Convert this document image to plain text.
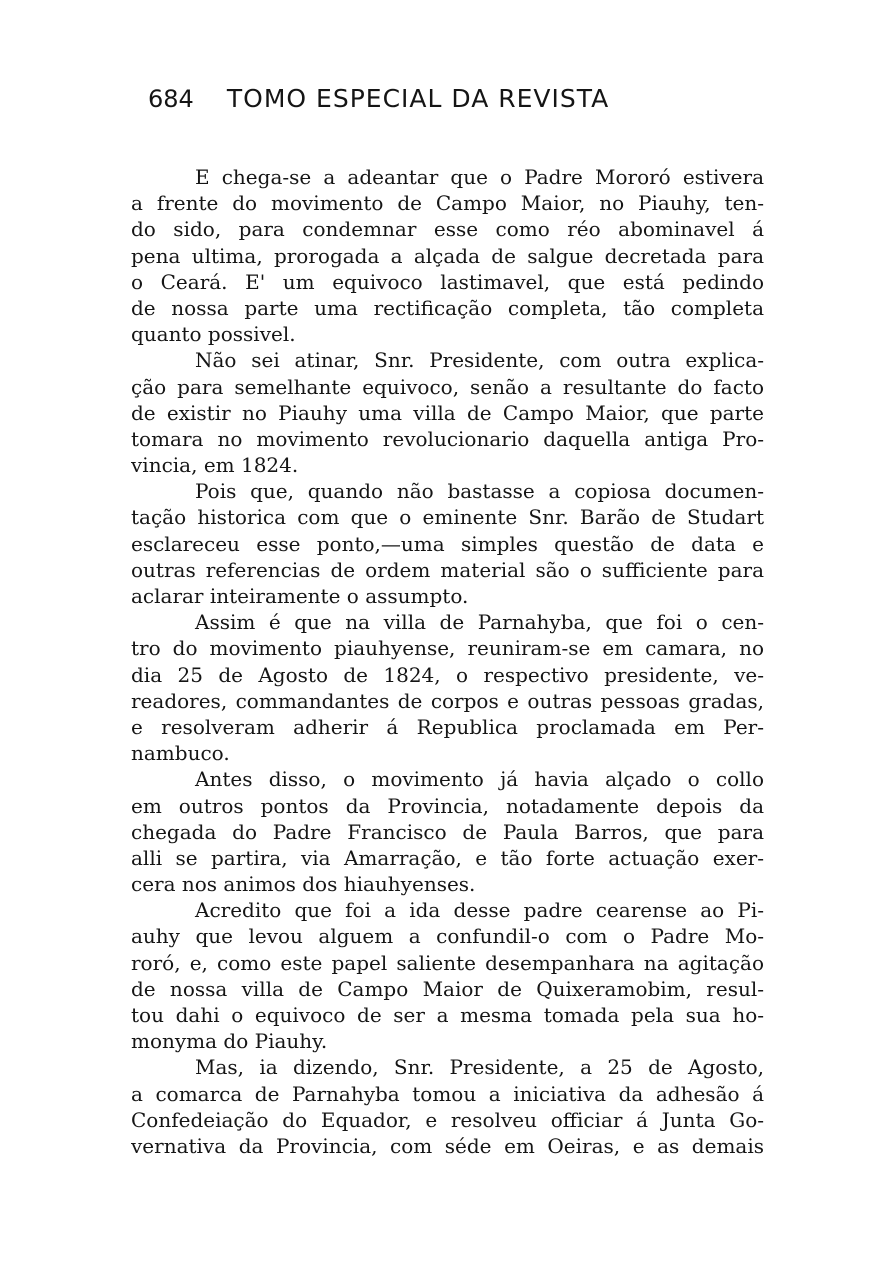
684 TOMO ESPECIAL DA REVISTA
E chega-se a adeantar que o Padre Mororó estivera
a frente do movimento de Campo Maior, no Piauhy, ten-
do sido, para condemnar esse como réo abominavel á
pena ultima, prorogada a alçada de salgue decretada para
o Ceará. E' um equivoco lastimavel, que está pedindo
de nossa parte uma rectificação completa, tão completa
quanto possivel.
Não sei atinar, Snr. Presidente, com outra explica-
ção para semelhante equivoco, senão a resultante do facto
de existir no Piauhy uma villa de Campo Maior, que parte
tomara no movimento revolucionario daquella antiga Pro-
vincia, em 1824.
Pois que, quando não bastasse a copiosa documen-
tação historica com que o eminente Snr. Barão de Studart
esclareceu esse ponto,—uma simples questão de data e
outras referencias de ordem material são o sufficiente para
aclarar inteiramente o assumpto.
Assim é que na villa de Parnahyba, que foi o cen-
tro do movimento piauhyense, reuniram-se em camara, no
dia 25 de Agosto de 1824, o respectivo presidente, ve-
readores, commandantes de corpos e outras pessoas gradas,
e resolveram adherir á Republica proclamada em Per-
nambuco.
Antes disso, o movimento já havia alçado o collo
em outros pontos da Provincia, notadamente depois da
chegada do Padre Francisco de Paula Barros, que para
alli se partira, via Amarração, e tão forte actuação exer-
cera nos animos dos hiauhyenses.
Acredito que foi a ida desse padre cearense ao Pi-
auhy que levou alguem a confundil-o com o Padre Mo-
roró, e, como este papel saliente desempanhara na agitação
de nossa villa de Campo Maior de Quixeramobim, resul-
tou dahi o equivoco de ser a mesma tomada pela sua ho-
monyma do Piauhy.
Mas, ia dizendo, Snr. Presidente, a 25 de Agosto,
a comarca de Parnahyba tomou a iniciativa da adhesão á
Confedeiação do Equador, e resolveu officiar á Junta Go-
vernativa da Provincia, com séde em Oeiras, e as demais
